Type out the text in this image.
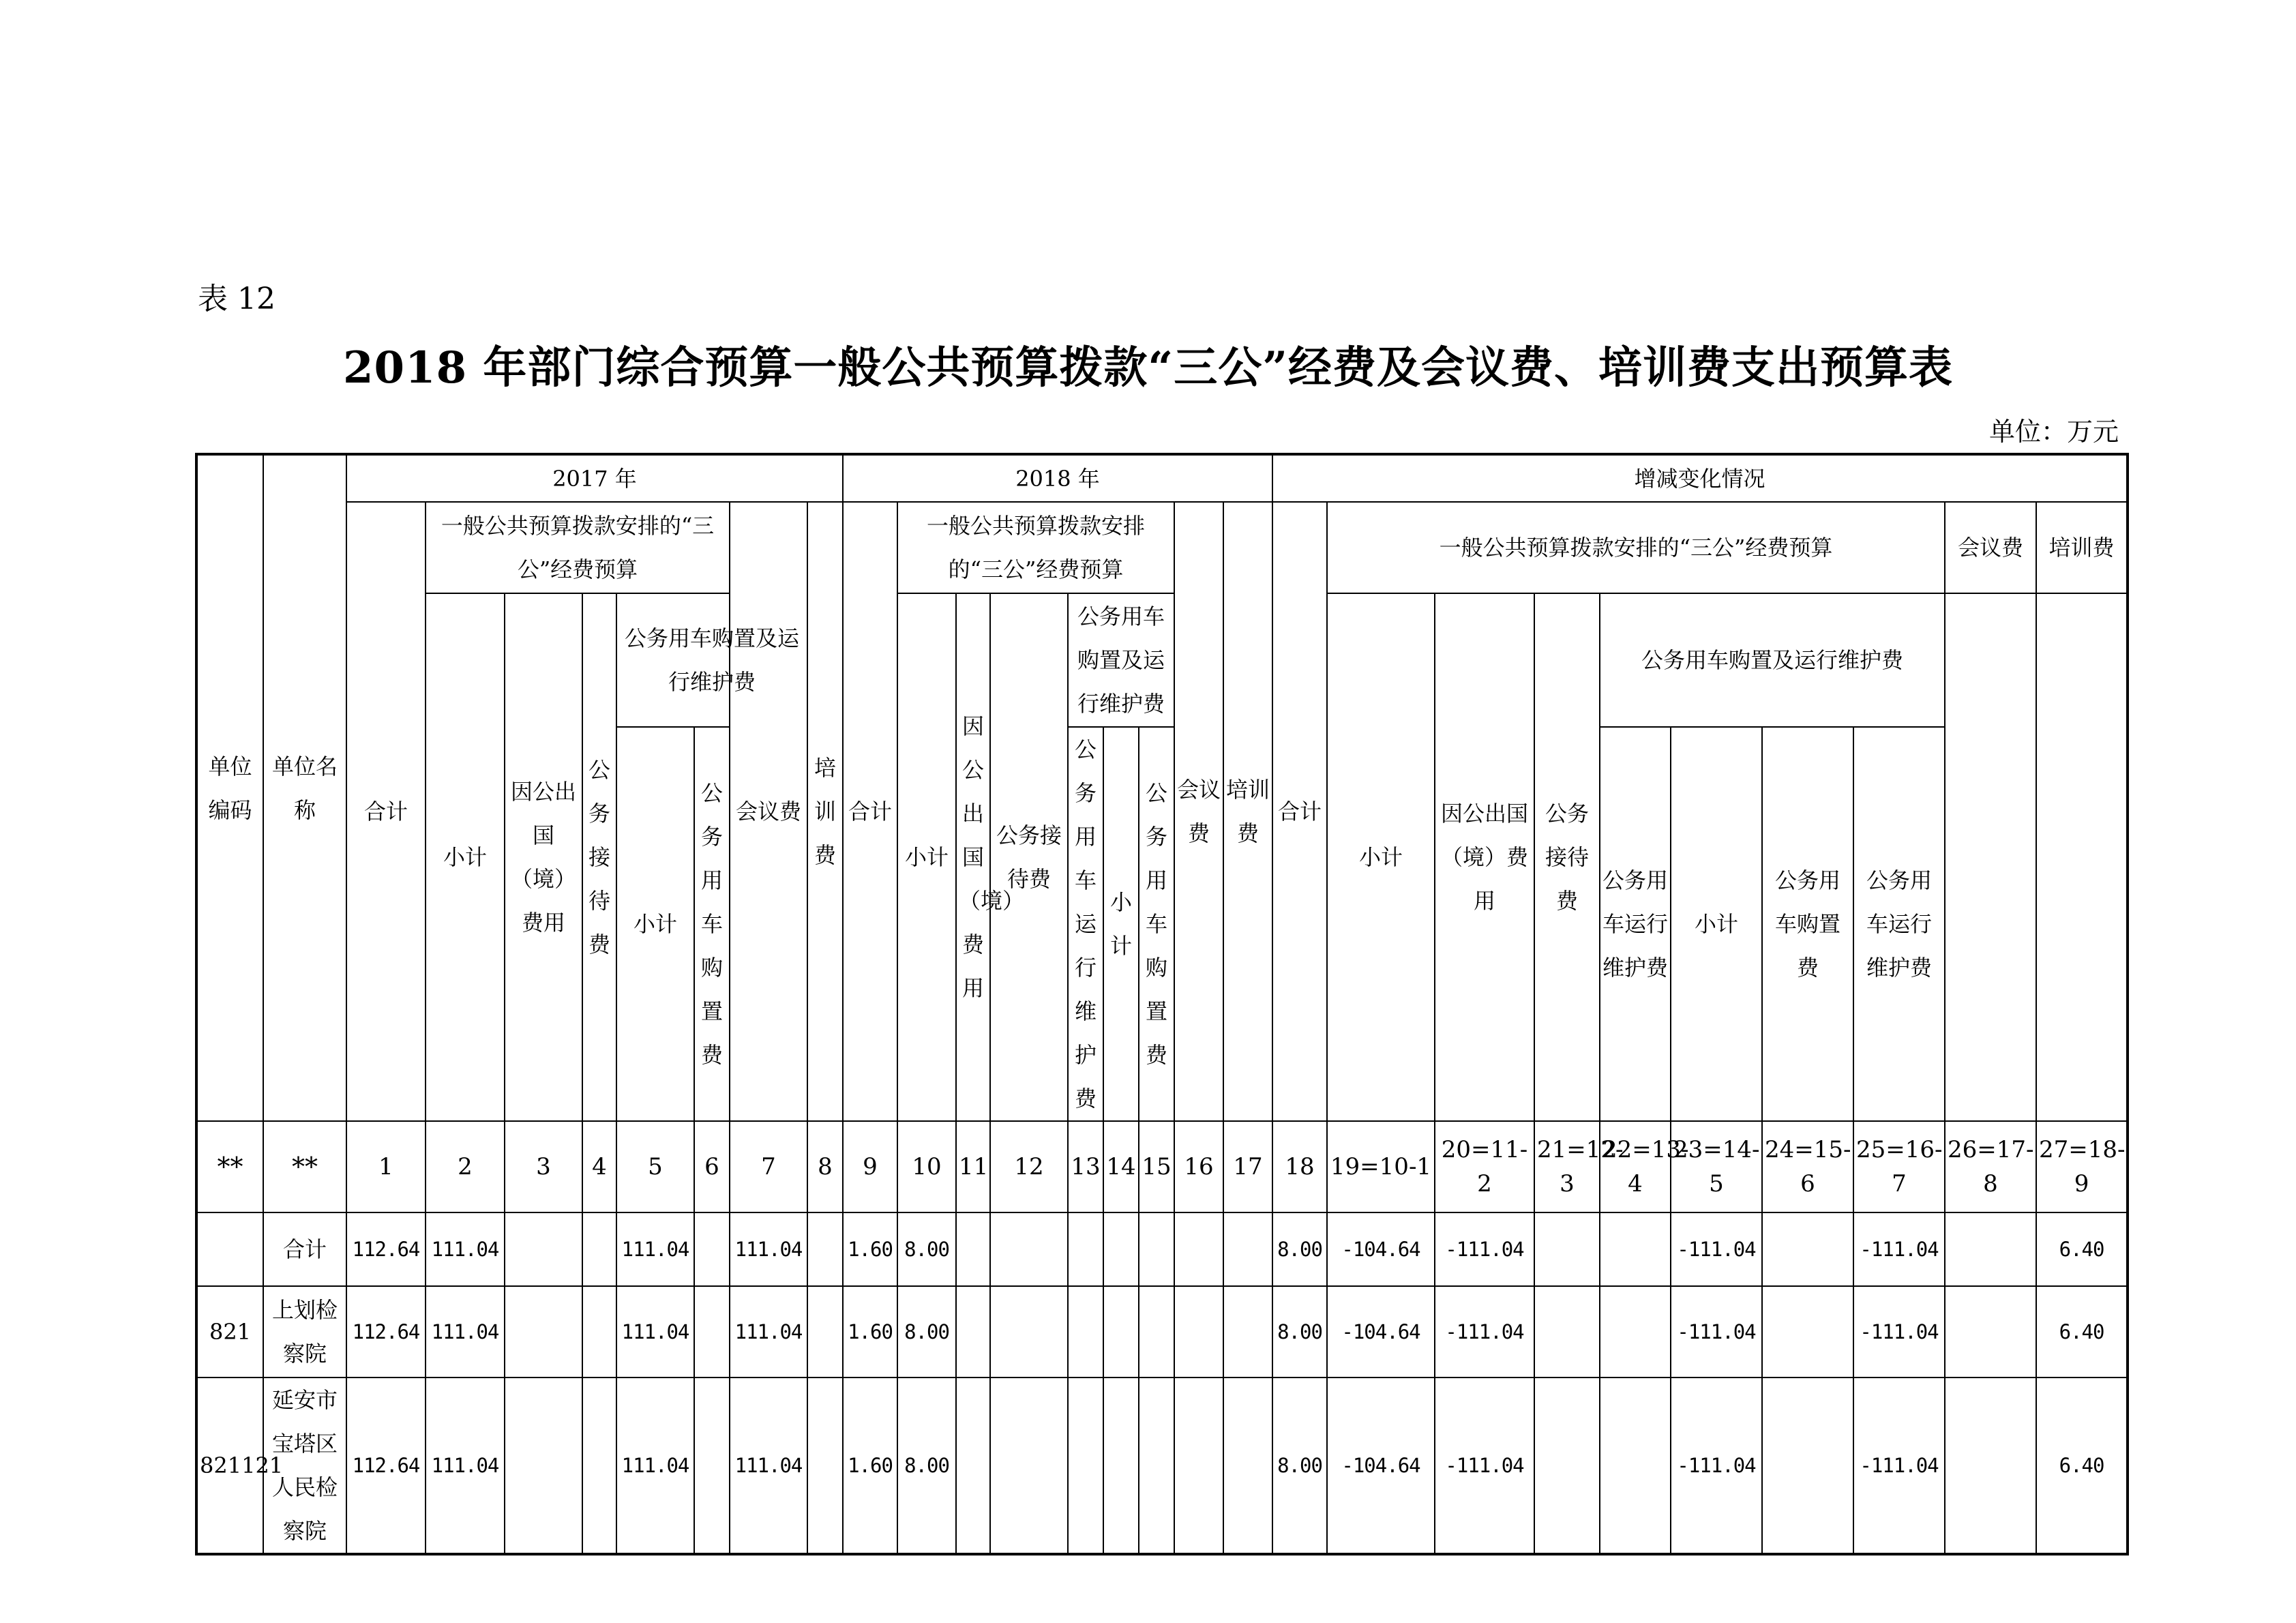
表 12
2018 年部门综合预算一般公共预算拨款“三公”经费及会议费、培训费支出预算表
单位：万元
单位编码	单位名称	2017 年								2018 年									增减变化情况									
		合计	一般公共预算拨款安排的“三公”经费预算					会议费	培训费	合计	一般公共预算拨款安排的“三公”经费预算						会议费	培训费	合计	一般公共预算拨款安排的“三公”经费预算							会议费	培训费
			小计	因公出国（境）费用	公务接待费	公务用车购置及运行维护费					小计	因公出国（境）费用	公务接待费	公务用车购置及运行维护费						小计	因公出国（境）费用	公务接待费	公务用车购置及运行维护费					
						小计	公务用车购置费							公务用车运行维护费	小计	公务用车购置费							公务用车运行维护费	小计	公务用车购置费	公务用车运行维护费		

**	**	1	2	3	4	5	6	7	8	9	10	11	12	13	14	15	16	17	18	19=10-1	20=11-2	21=12-3	22=13-4	23=14-5	24=15-6	25=16-7	26=17-8	27=18-9
	合计	112.64	111.04			111.04		111.04		1.60	8.00								8.00	-104.64	-111.04			-111.04		-111.04		6.40
821	上划检察院	112.64	111.04			111.04		111.04		1.60	8.00								8.00	-104.64	-111.04			-111.04		-111.04		6.40
821121	延安市宝塔区人民检察院	112.64	111.04			111.04		111.04		1.60	8.00								8.00	-104.64	-111.04			-111.04		-111.04		6.40
